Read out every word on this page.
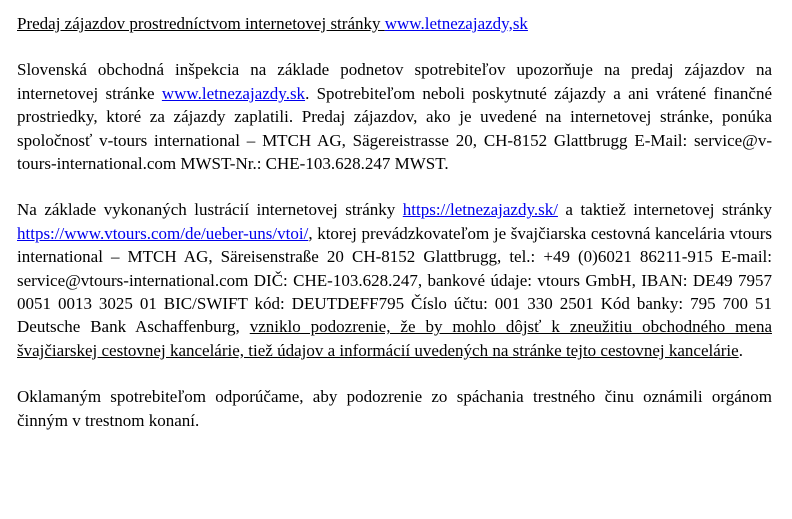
Predaj zájazdov prostredníctvom internetovej stránky www.letnezajazdy,sk

Slovenská obchodná inšpekcia na základe podnetov spotrebiteľov upozorňuje na predaj zájazdov na internetovej stránke www.letnezajazdy.sk. Spotrebiteľom neboli poskytnuté zájazdy a ani vrátené finančné prostriedky, ktoré za zájazdy zaplatili. Predaj zájazdov, ako je uvedené na internetovej stránke, ponúka spoločnosť v-tours international – MTCH AG, Sägereistrasse 20, CH-8152 Glattbrugg E-Mail: service@v-tours-international.com MWST-Nr.: CHE-103.628.247 MWST.

Na základe vykonaných lustrácií internetovej stránky https://letnezajazdy.sk/ a taktiež internetovej stránky https://www.vtours.com/de/ueber-uns/vtoi/, ktorej prevádzkovateľom je švajčiarska cestovná kancelária vtours international – MTCH AG, Säreisenstraße 20 CH-8152 Glattbrugg, tel.: +49 (0)6021 86211-915 E-mail: service@vtours-international.com DIČ: CHE-103.628.247, bankové údaje: vtours GmbH, IBAN: DE49 7957 0051 0013 3025 01 BIC/SWIFT kód: DEUTDEFF795 Číslo účtu: 001 330 2501 Kód banky: 795 700 51 Deutsche Bank Aschaffenburg, vzniklo podozrenie, že by mohlo dôjsť k zneužitiu obchodného mena švajčiarskej cestovnej kancelárie, tiež údajov a informácií uvedených na stránke tejto cestovnej kancelárie.

Oklamaným spotrebiteľom odporúčame, aby podozrenie zo spáchania trestného činu oznámili orgánom činným v trestnom konaní.
